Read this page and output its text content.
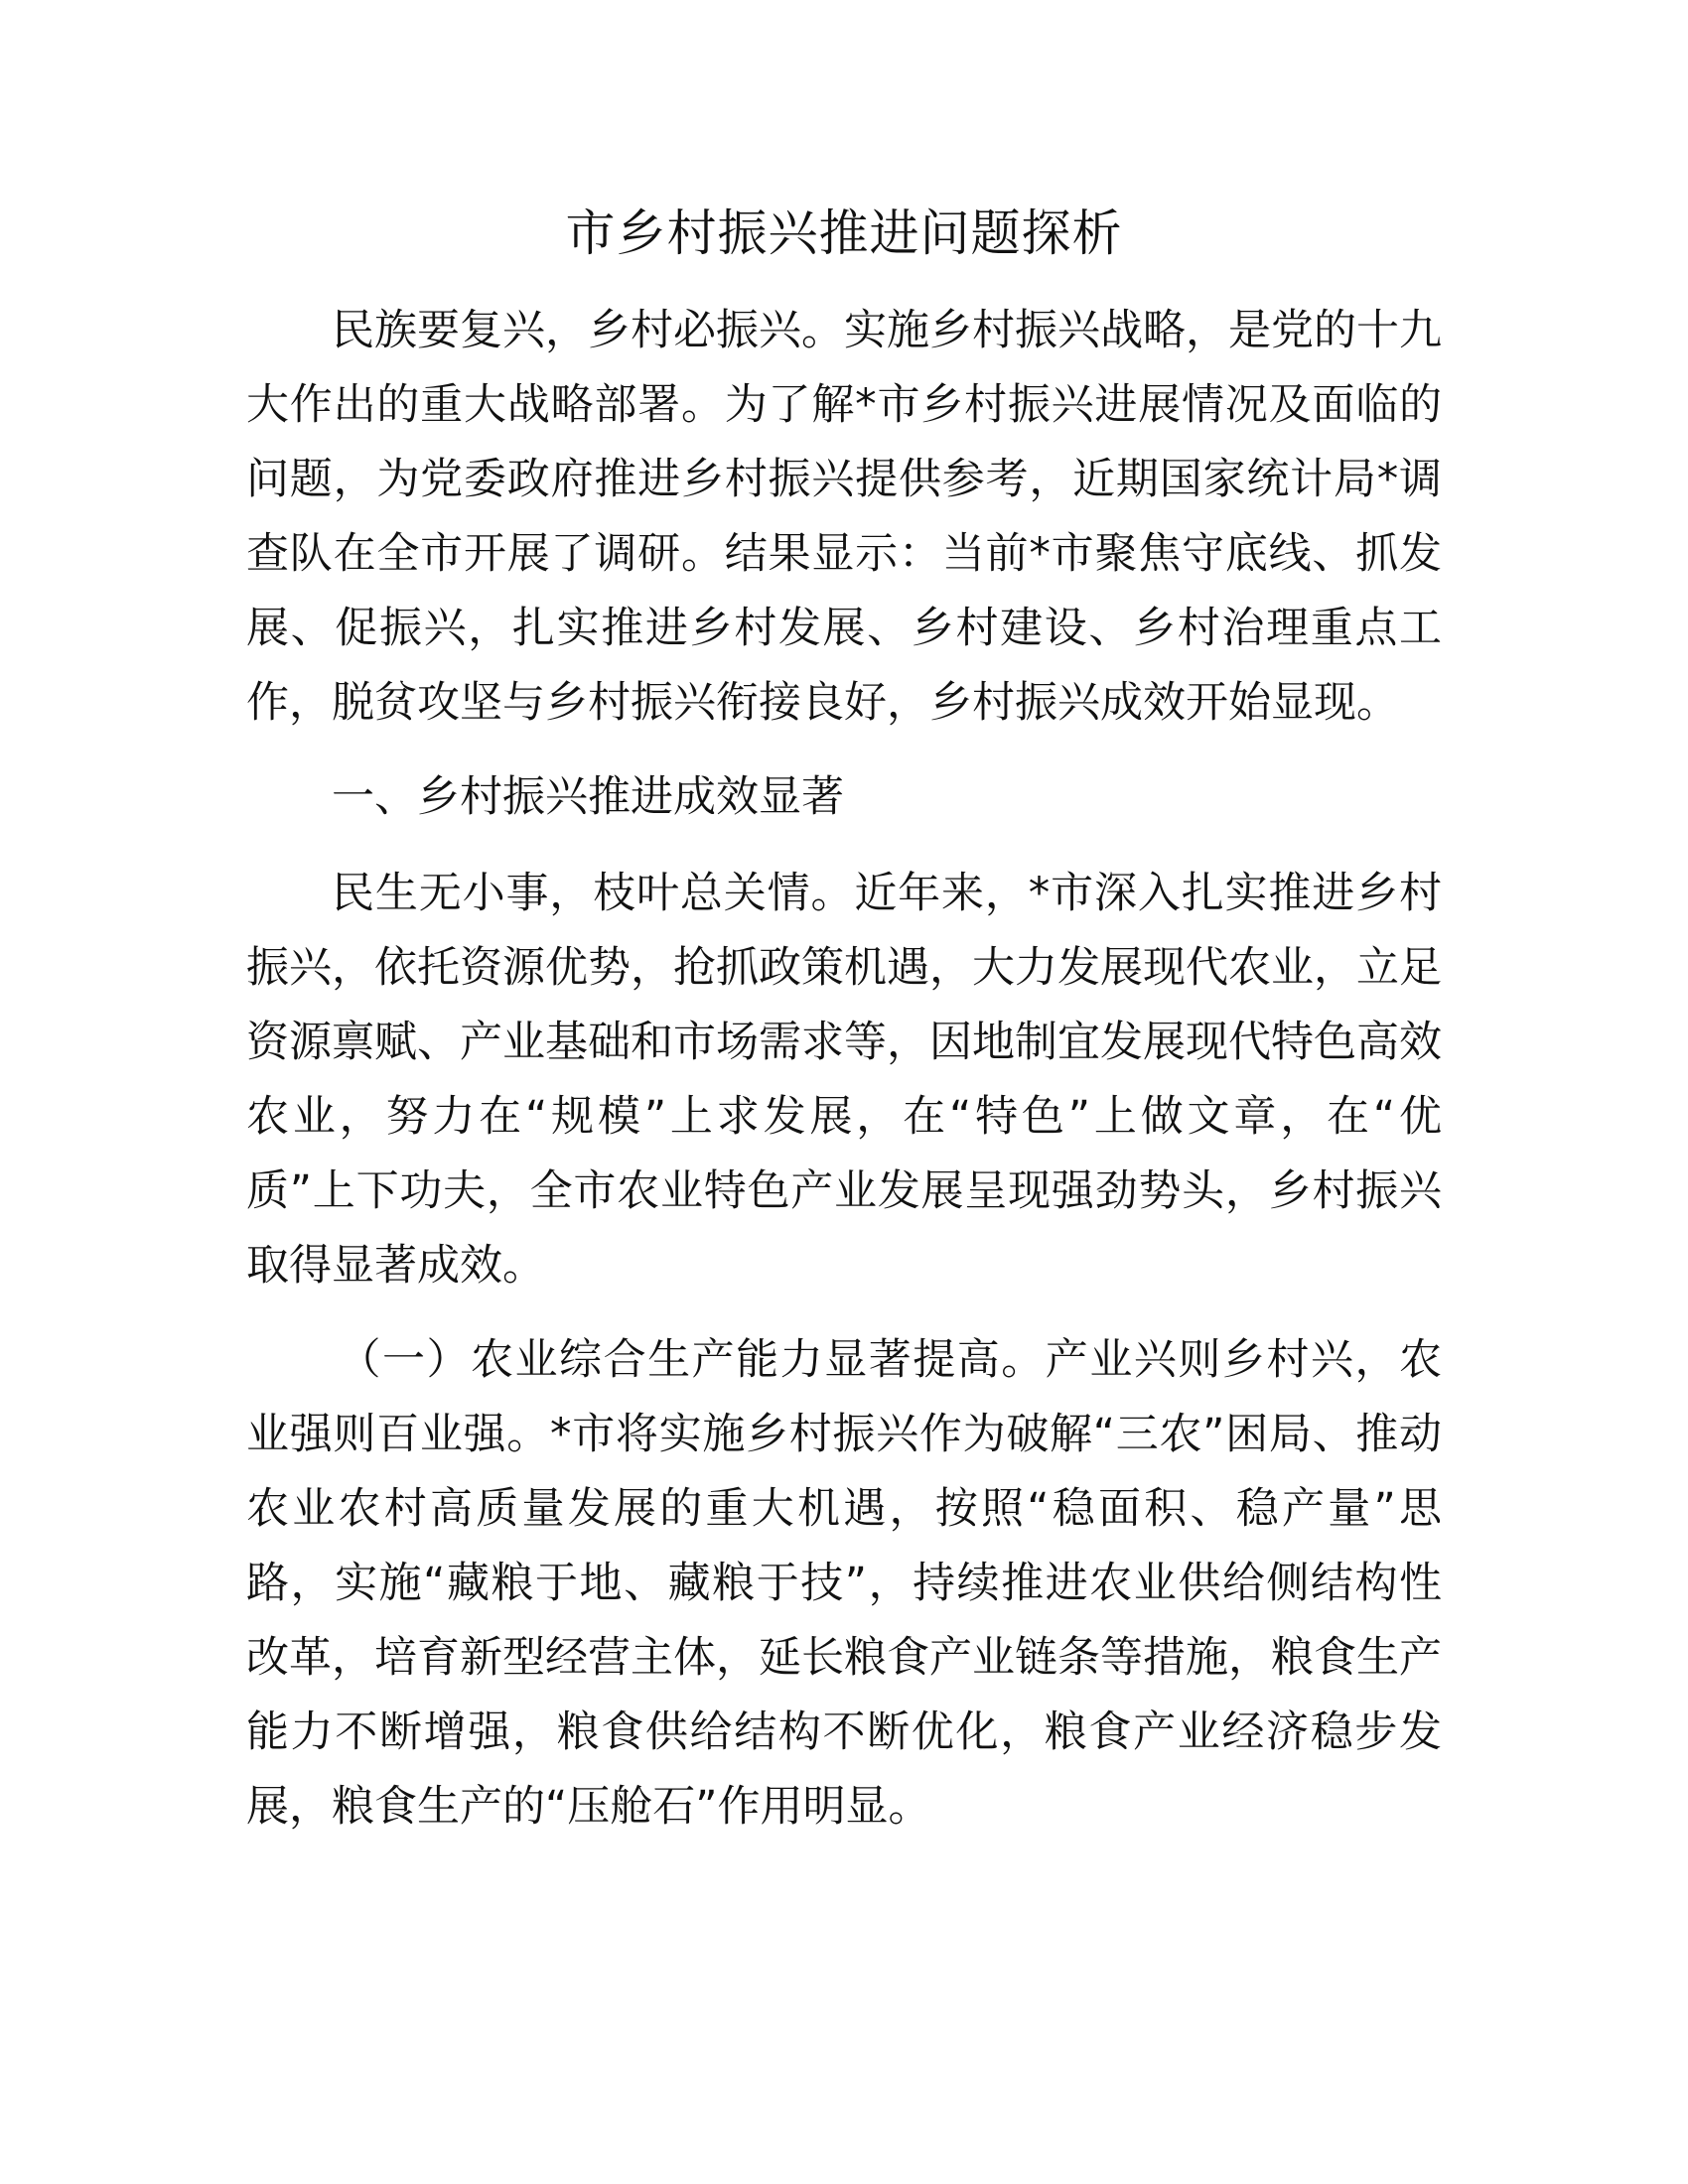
市乡村振兴推进问题探析

民族要复兴，乡村必振兴。实施乡村振兴战略，是党的十九大作出的重大战略部署。为了解*市乡村振兴进展情况及面临的问题，为党委政府推进乡村振兴提供参考，近期国家统计局*调查队在全市开展了调研。结果显示：当前*市聚焦守底线、抓发展、促振兴，扎实推进乡村发展、乡村建设、乡村治理重点工作，脱贫攻坚与乡村振兴衔接良好，乡村振兴成效开始显现。

一、乡村振兴推进成效显著

民生无小事，枝叶总关情。近年来，*市深入扎实推进乡村振兴，依托资源优势，抢抓政策机遇，大力发展现代农业，立足资源禀赋、产业基础和市场需求等，因地制宜发展现代特色高效农业，努力在“规模”上求发展，在“特色”上做文章，在“优质”上下功夫，全市农业特色产业发展呈现强劲势头，乡村振兴取得显著成效。

（一）农业综合生产能力显著提高。产业兴则乡村兴，农业强则百业强。*市将实施乡村振兴作为破解“三农”困局、推动农业农村高质量发展的重大机遇，按照“稳面积、稳产量”思路，实施“藏粮于地、藏粮于技”，持续推进农业供给侧结构性改革，培育新型经营主体，延长粮食产业链条等措施，粮食生产能力不断增强，粮食供给结构不断优化，粮食产业经济稳步发展，粮食生产的“压舱石”作用明显。
